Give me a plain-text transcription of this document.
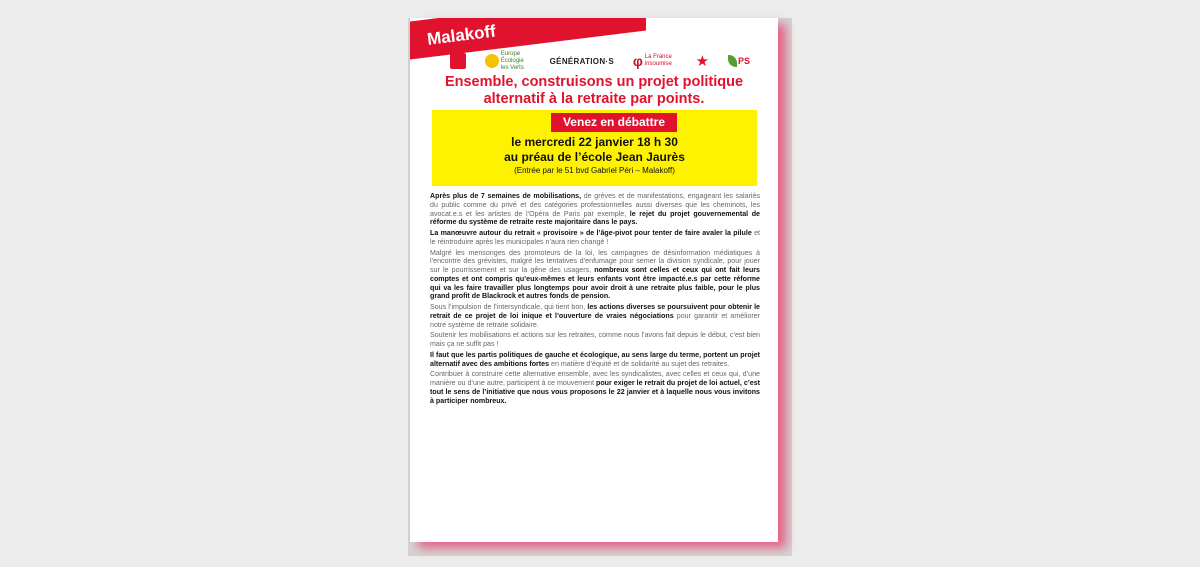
Malakoff
Europe Écologie les Verts
GÉNÉRATION·S φ La France insoumise	★	PS
Ensemble, construisons un projet politique
alternatif à la retraite par points.
Venez en débattre
le mercredi 22 janvier 18 h 30
au préau de l’école Jean Jaurès
(Entrée par le 51 bvd Gabriel Péri – Malakoff)

Après plus de 7 semaines de mobilisations, de grèves et de manifestations, engageant les salariés du public comme du privé et des catégories professionnelles aussi diverses que les cheminots, les avocat.e.s et les artistes de l’Opéra de Paris par exemple, le rejet du projet gouvernemental de réforme du système de retraite reste majoritaire dans le pays.

La manœuvre autour du retrait « provisoire » de l’âge-pivot pour tenter de faire avaler la pilule et le réintroduire après les municipales n’aura rien changé !

Malgré les mensonges des promoteurs de la loi, les campagnes de désinformation médiatiques à l’encontre des grévistes, malgré les tentatives d’enfumage pour semer la division syndicale, pour jouer sur le pourrissement et sur la gêne des usagers, nombreux sont celles et ceux qui ont fait leurs comptes et ont compris qu’eux-mêmes et leurs enfants vont être impacté.e.s par cette réforme qui va les faire travailler plus longtemps pour avoir droit à une retraite plus faible, pour le plus grand profit de Blackrock et autres fonds de pension.

Sous l’impulsion de l’intersyndicale, qui tient bon, les actions diverses se poursuivent pour obtenir le retrait de ce projet de loi inique et l’ouverture de vraies négociations pour garantir et améliorer notre système de retraite solidaire.

Soutenir les mobilisations et actions sur les retraites, comme nous l’avons fait depuis le début, c’est bien mais ça ne suffit pas !

Il faut que les partis politiques de gauche et écologique, au sens large du terme, portent un projet alternatif avec des ambitions fortes en matière d’équité et de solidarité au sujet des retraites.

Contribuer à construire cette alternative ensemble, avec les syndicalistes, avec celles et ceux qui, d’une manière ou d’une autre, participent à ce mouvement pour exiger le retrait du projet de loi actuel, c’est tout le sens de l’initiative que nous vous proposons le 22 janvier et à laquelle nous vous invitons à participer nombreux.
